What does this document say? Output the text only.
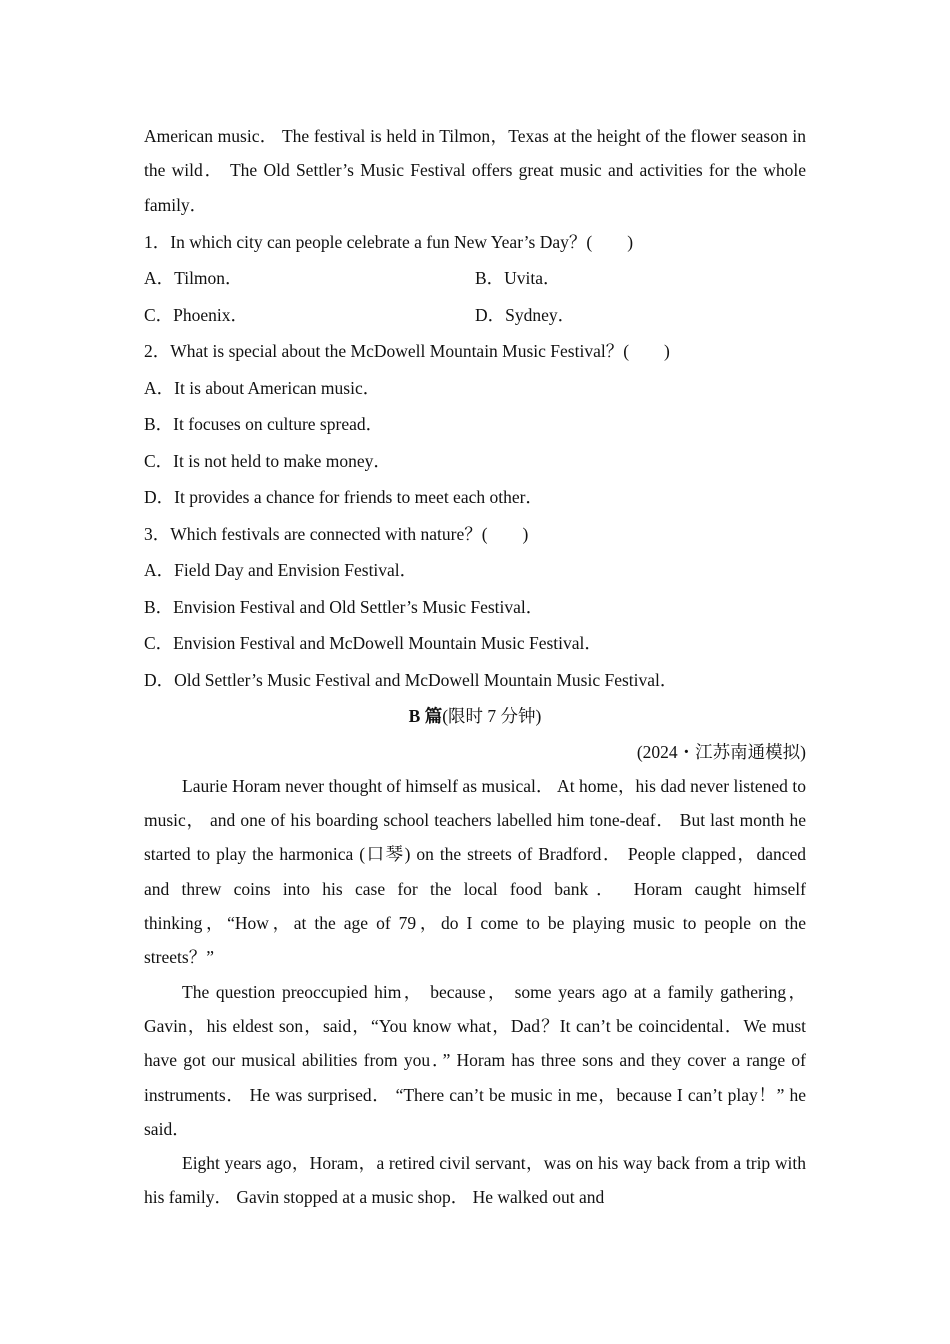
American music． The festival is held in Tilmon，Texas at the height of the flower season in the wild． The Old Settler’s Music Festival offers great music and activities for the whole family．

1．In which city can people celebrate a fun New Year’s Day？(　　)

A．Tilmon．	B．Uvita．
C．Phoenix．	D．Sydney．

2．What is special about the McDowell Mountain Music Festival？(　　)

A．It is about American music．

B．It focuses on culture spread．

C．It is not held to make money．

D．It provides a chance for friends to meet each other．

3．Which festivals are connected with nature？(　　)

A．Field Day and Envision Festival．

B．Envision Festival and Old Settler’s Music Festival．

C．Envision Festival and McDowell Mountain Music Festival．

D．Old Settler’s Music Festival and McDowell Mountain Music Festival．

B 篇(限时 7 分钟)
(2024・江苏南通模拟)

Laurie Horam never thought of himself as musical． At home，his dad never listened to music， and one of his boarding school teachers labelled him tone-deaf． But last month he started to play the harmonica (口琴) on the streets of Bradford． People clapped，danced and threw coins into his case for the local food bank． Horam caught himself thinking，“How，at the age of 79，do I come to be playing music to people on the streets？”

The question preoccupied him， because， some years ago at a family gathering，Gavin，his eldest son，said，“You know what，Dad？It can’t be coincidental．We must have got our musical abilities from you．” Horam has three sons and they cover a range of instruments． He was surprised． “There can’t be music in me，because I can’t play！” he said．

Eight years ago，Horam，a retired civil servant，was on his way back from a trip with his family． Gavin stopped at a music shop． He walked out and
